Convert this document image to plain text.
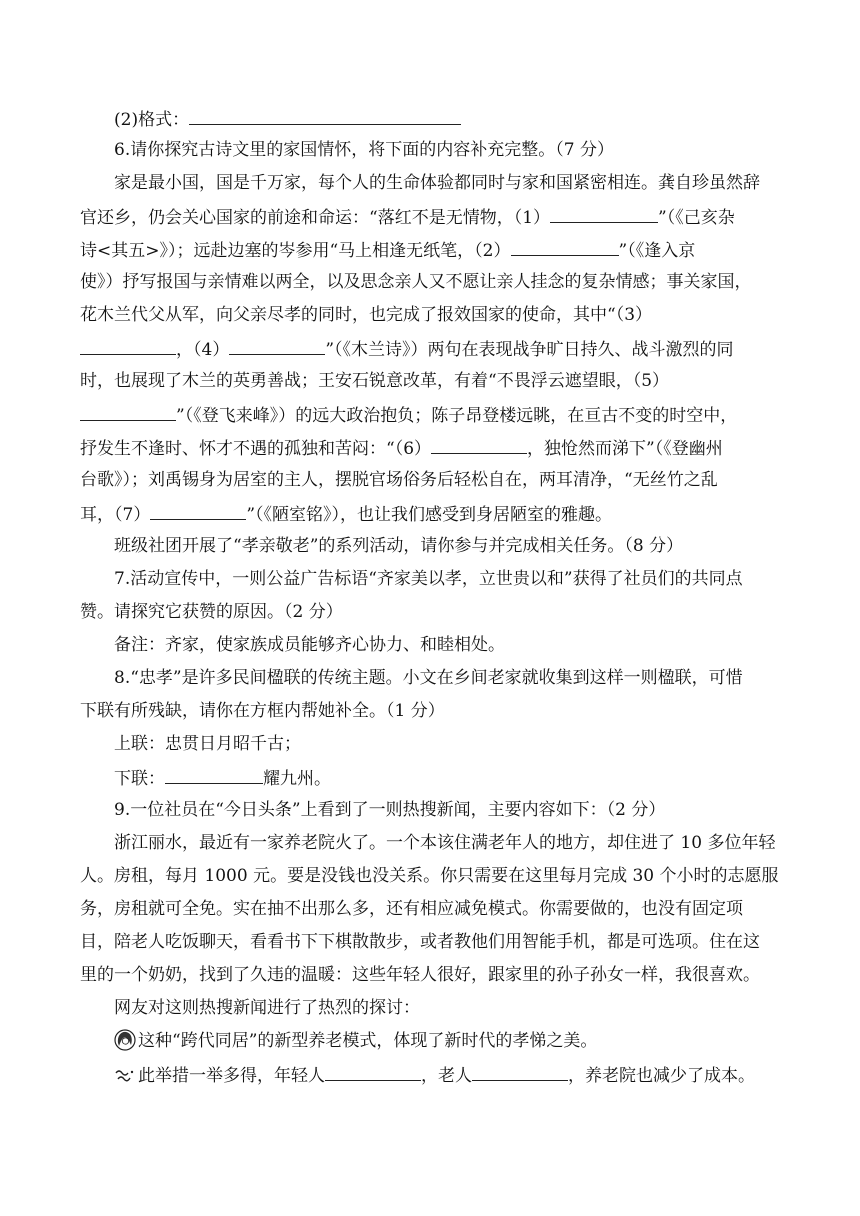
(2)格式：
6.请你探究古诗文里的家国情怀，将下面的内容补充完整。（7 分）
家是最小国，国是千万家，每个人的生命体验都同时与家和国紧密相连。龚自珍虽然辞
官还乡，仍会关心国家的前途和命运：“落红不是无情物，（1）	”（《己亥杂
诗<其五>》）；远赴边塞的岑参用“马上相逢无纸笔，（2）	”（《逢入京
使》）抒写报国与亲情难以两全，以及思念亲人又不愿让亲人挂念的复杂情感；事关家国，
花木兰代父从军，向父亲尽孝的同时，也完成了报效国家的使命，其中“（3）
，（4）	”（《木兰诗》）两句在表现战争旷日持久、战斗激烈的同
时，也展现了木兰的英勇善战；王安石锐意改革，有着“不畏浮云遮望眼，（5）
”（《登飞来峰》）的远大政治抱负；陈子昂登楼远眺，在亘古不变的时空中，
抒发生不逢时、怀才不遇的孤独和苦闷：“（6）	，独怆然而涕下”（《登幽州
台歌》）；刘禹锡身为居室的主人，摆脱官场俗务后轻松自在，两耳清净，“无丝竹之乱
耳，（7）	”（《陋室铭》），也让我们感受到身居陋室的雅趣。
班级社团开展了“孝亲敬老”的系列活动，请你参与并完成相关任务。（8 分）
7.活动宣传中，一则公益广告标语“齐家美以孝，立世贵以和”获得了社员们的共同点
赞。请探究它获赞的原因。（2 分）
备注：齐家，使家族成员能够齐心协力、和睦相处。
8.“忠孝”是许多民间楹联的传统主题。小文在乡间老家就收集到这样一则楹联，可惜
下联有所残缺，请你在方框内帮她补全。（1 分）
上联：忠贯日月昭千古；
下联：	耀九州。
9.一位社员在“今日头条”上看到了一则热搜新闻，主要内容如下：（2 分）
浙江丽水，最近有一家养老院火了。一个本该住满老年人的地方，却住进了 10 多位年轻
人。房租，每月 1000 元。要是没钱也没关系。你只需要在这里每月完成 30 个小时的志愿服
务，房租就可全免。实在抽不出那么多，还有相应减免模式。你需要做的，也没有固定项
目，陪老人吃饭聊天，看看书下下棋散散步，或者教他们用智能手机，都是可选项。住在这
里的一个奶奶，找到了久违的温暖：这些年轻人很好，跟家里的孙子孙女一样，我很喜欢。
网友对这则热搜新闻进行了热烈的探讨：
这种“跨代同居”的新型养老模式，体现了新时代的孝悌之美。
此举措一举多得，年轻人	，老人	，养老院也减少了成本。
